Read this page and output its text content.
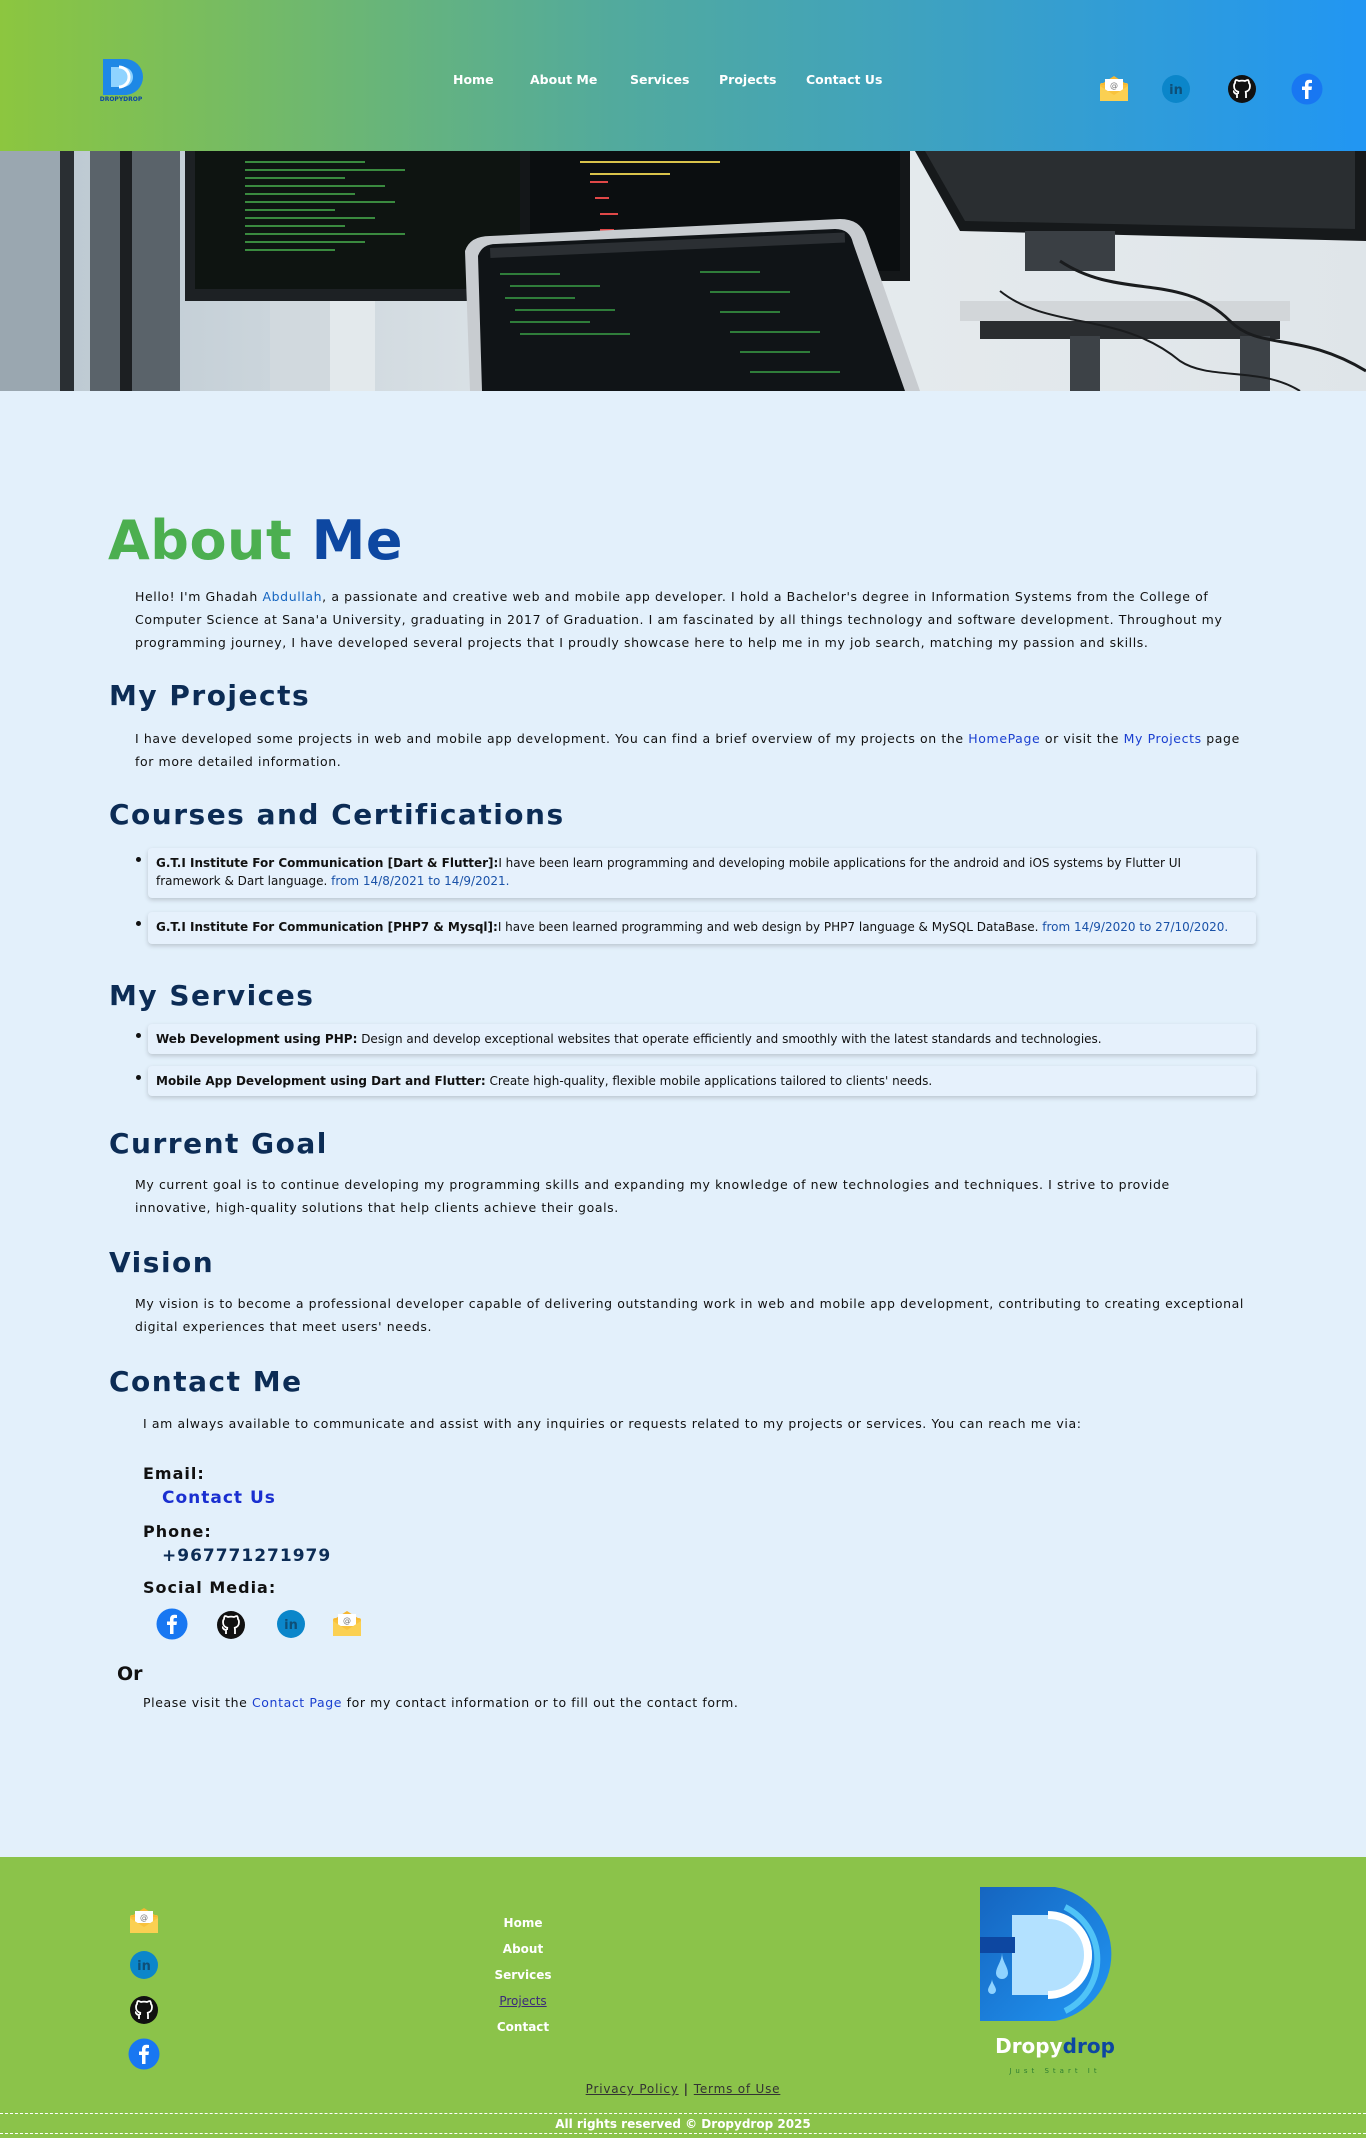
DROPYDROP
Home	About Me	Services Projects Contact Us	@	in
About Me
Hello! I'm Ghadah Abdullah, a passionate and creative web and mobile app developer. I hold a Bachelor's degree in Information Systems from the College of Computer Science at Sana'a University, graduating in 2017 of Graduation. I am fascinated by all things technology and software development. Throughout my programming journey, I have developed several projects that I proudly showcase here to help me in my job search, matching my passion and skills.
My Projects
I have developed some projects in web and mobile app development. You can find a brief overview of my projects on the HomePage or visit the My Projects page for more detailed information.
Courses and Certifications
G.T.I Institute For Communication [Dart & Flutter]:I have been learn programming and developing mobile applications for the android and iOS systems by Flutter UI framework & Dart language. from 14/8/2021 to 14/9/2021.
G.T.I Institute For Communication [PHP7 & Mysql]:I have been learned programming and web design by PHP7 language & MySQL DataBase. from 14/9/2020 to 27/10/2020.
My Services
Web Development using PHP: Design and develop exceptional websites that operate efficiently and smoothly with the latest standards and technologies.
Mobile App Development using Dart and Flutter: Create high-quality, flexible mobile applications tailored to clients' needs.
Current Goal
My current goal is to continue developing my programming skills and expanding my knowledge of new technologies and techniques. I strive to provide innovative, high-quality solutions that help clients achieve their goals.
Vision
My vision is to become a professional developer capable of delivering outstanding work in web and mobile app development, contributing to creating exceptional digital experiences that meet users' needs.
Contact Me
I am always available to communicate and assist with any inquiries or requests related to my projects or services. You can reach me via:
Email:
Contact Us
Phone:
+967771271979
Social Media:
in	@
Or
Please visit the Contact Page for my contact information or to fill out the contact form.
@
in
Home
About
Services
Projects
Contact
Dropydrop
Just Start It
Privacy Policy | Terms of Use
All rights reserved © Dropydrop 2025
